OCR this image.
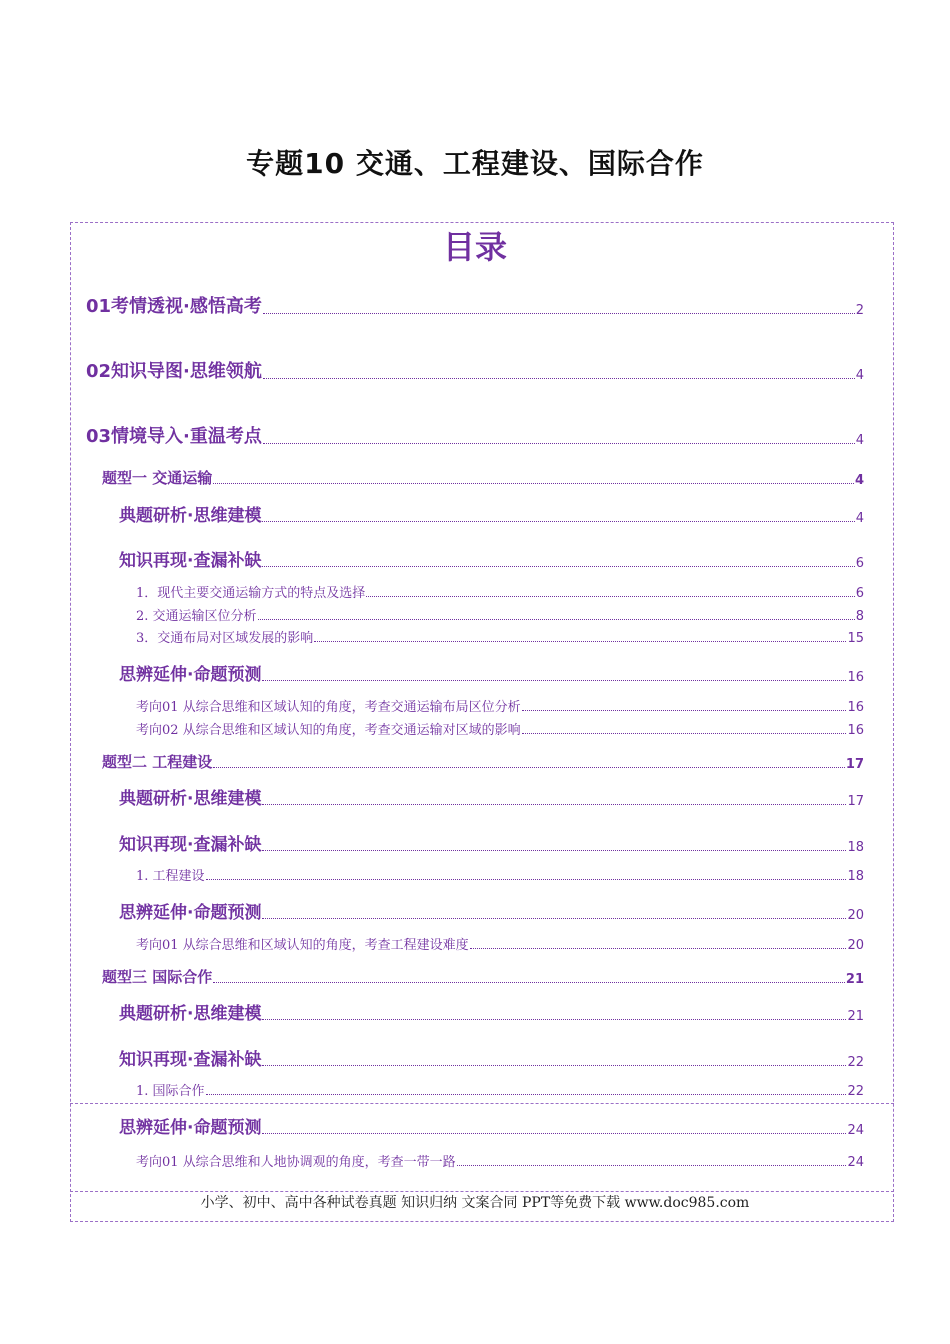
专题10 交通、工程建设、国际合作
目录
01考情透视·感悟高考	2
02知识导图·思维领航	4
03情境导入·重温考点	4
题型一 交通运输	4
典题研析·思维建模	4
知识再现·查漏补缺	6
1．现代主要交通运输方式的特点及选择	6
2. 交通运输区位分析	8
3．交通布局对区域发展的影响	15
思辨延伸·命题预测	16
考向01 从综合思维和区域认知的角度，考查交通运输布局区位分析	16
考向02 从综合思维和区域认知的角度，考查交通运输对区域的影响	16
题型二 工程建设	17
典题研析·思维建模	17
知识再现·查漏补缺	18
1. 工程建设	18
思辨延伸·命题预测	20
考向01 从综合思维和区域认知的角度，考查工程建设难度	20
题型三 国际合作	21
典题研析·思维建模	21
知识再现·查漏补缺	22
1. 国际合作	22
思辨延伸·命题预测	24
考向01 从综合思维和人地协调观的角度，考查一带一路	24
小学、初中、高中各种试卷真题 知识归纳 文案合同 PPT等免费下载 www.doc985.com
